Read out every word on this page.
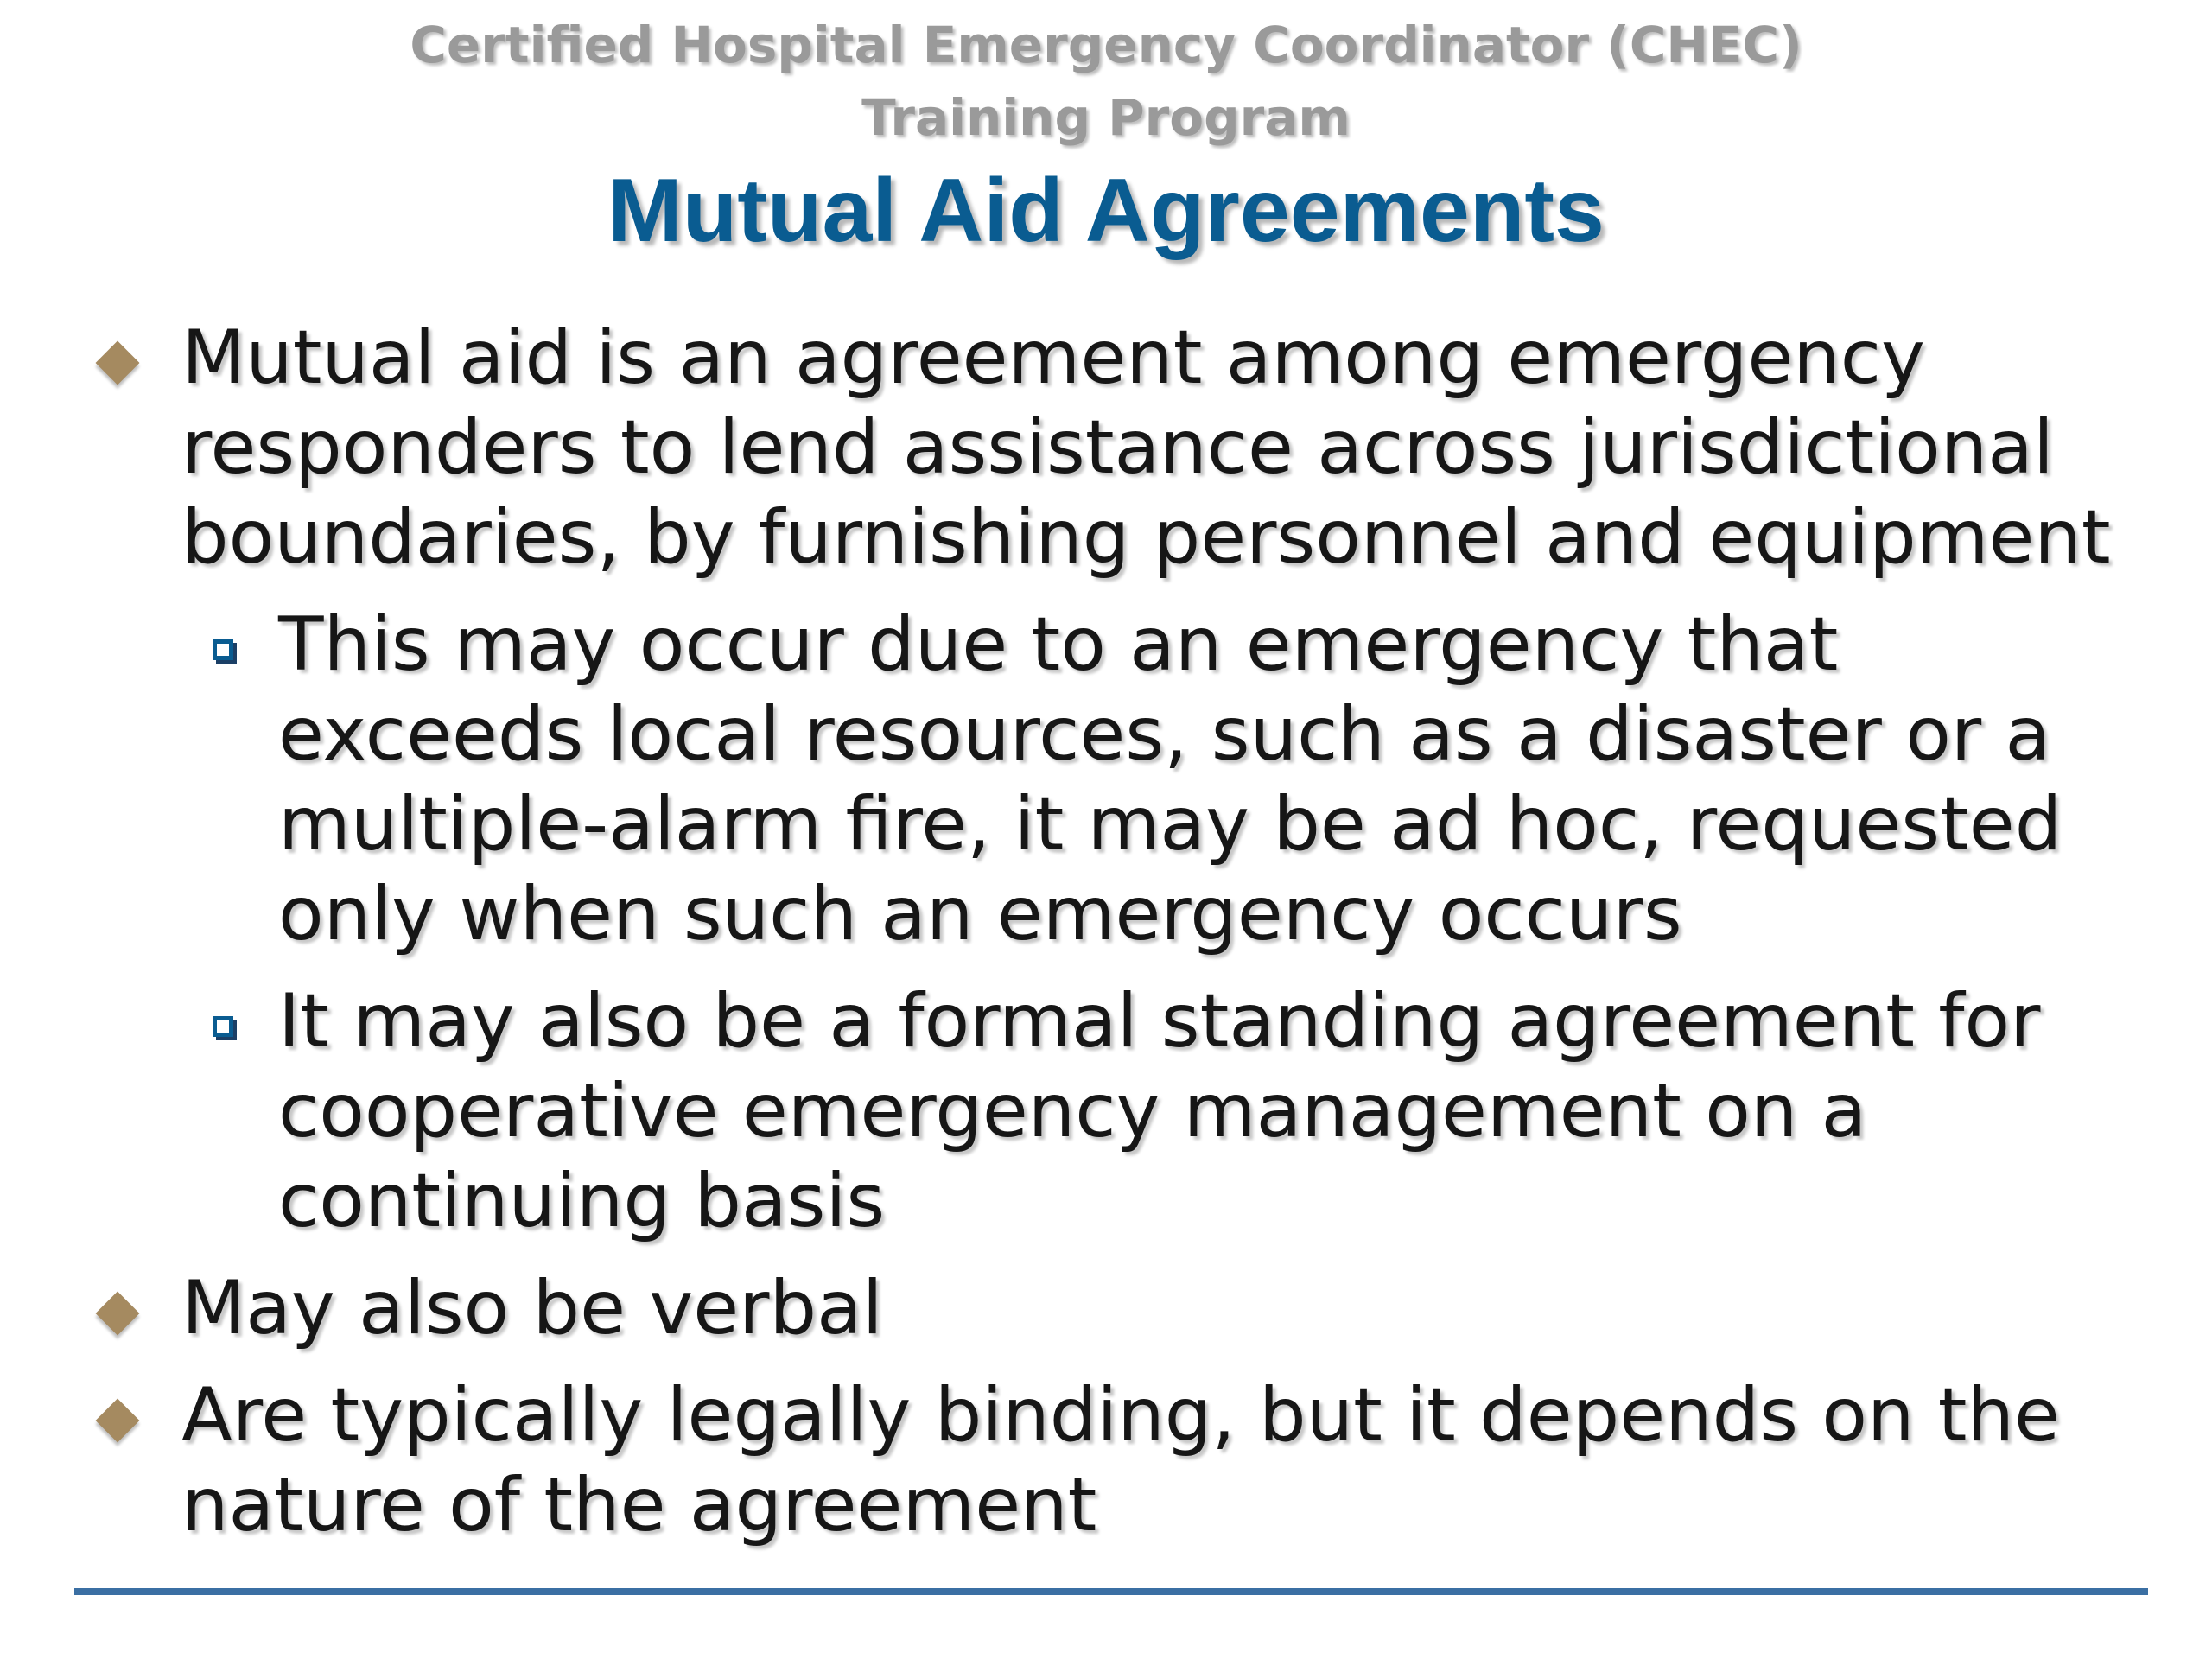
Certified Hospital Emergency Coordinator (CHEC)
Training Program
Mutual Aid Agreements
Mutual aid is an agreement among emergency
responders to lend assistance across jurisdictional
boundaries, by furnishing personnel and equipment
This may occur due to an emergency that
exceeds local resources, such as a disaster or a
multiple-alarm fire, it may be ad hoc, requested
only when such an emergency occurs
It may also be a formal standing agreement for
cooperative emergency management on a
continuing basis
May also be verbal
Are typically legally binding, but it depends on the
nature of the agreement
